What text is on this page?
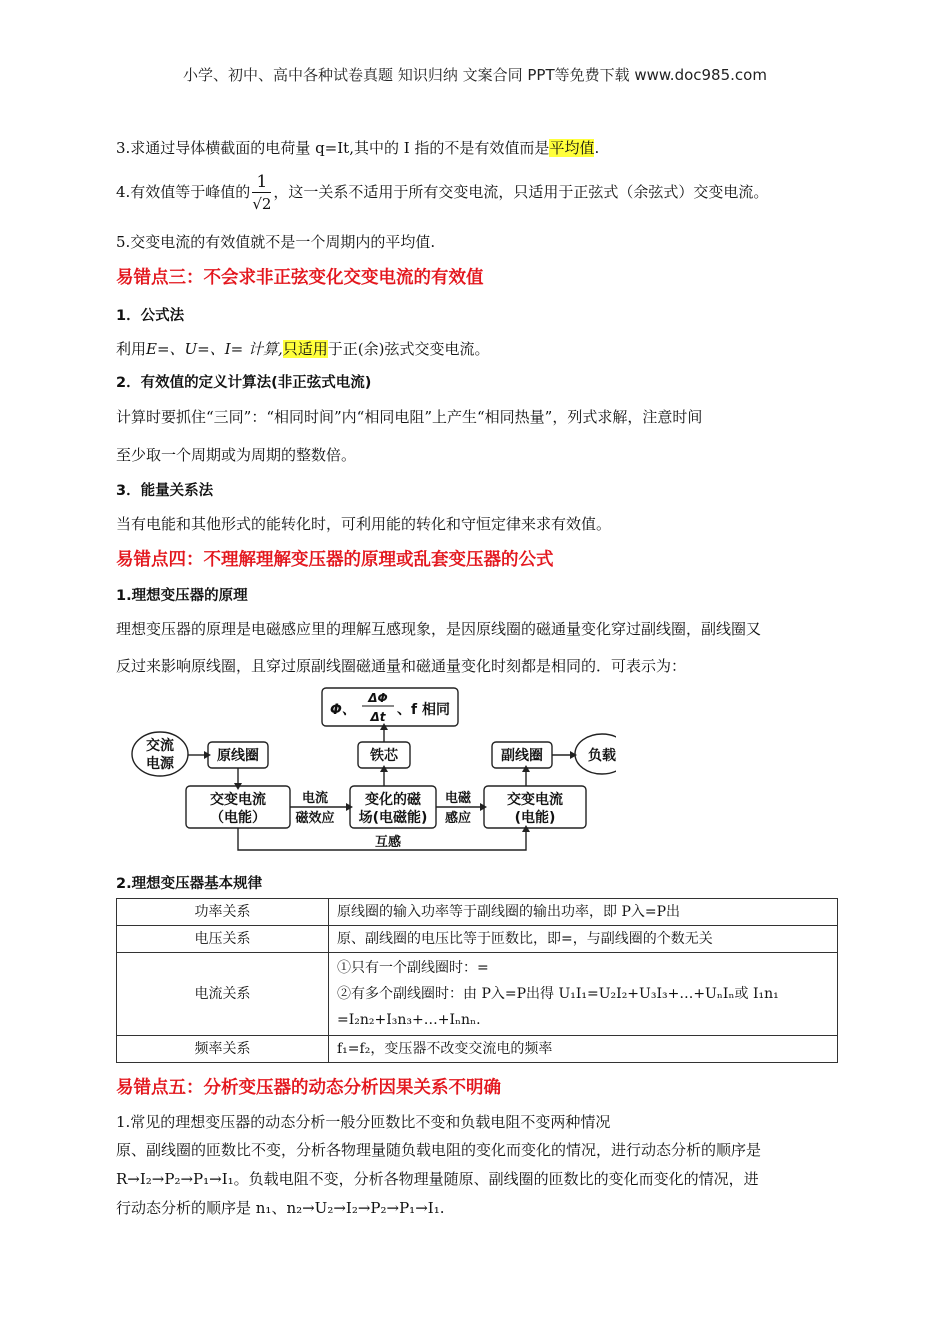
小学、初中、高中各种试卷真题 知识归纳 文案合同 PPT等免费下载 www.doc985.com
3.求通过导体横截面的电荷量 q=It,其中的 I 指的不是有效值而是平均值.
4.有效值等于峰值的 $\frac{1}{√2}$ ，这一关系不适用于所有交变电流，只适用于正弦式（余弦式）交变电流。
5.交变电流的有效值就不是一个周期内的平均值.
易错点三：不会求非正弦变化交变电流的有效值
1．公式法
利用E=、U=、I= 计算,只适用于正(余)弦式交变电流。
2．有效值的定义计算法(非正弦式电流)
计算时要抓住“三同”：“相同时间”内“相同电阻”上产生“相同热量”，列式求解，注意时间
至少取一个周期或为周期的整数倍。
3．能量关系法
当有电能和其他形式的能转化时，可利用能的转化和守恒定律来求有效值。
易错点四：不理解理解变压器的原理或乱套变压器的公式
1.理想变压器的原理
理想变压器的原理是电磁感应里的理解互感现象，是因原线圈的磁通量变化穿过副线圈，副线圈又
反过来影响原线圈，且穿过原副线圈磁通量和磁通量变化时刻都是相同的．可表示为：
Φ、
ΔΦ
Δt 、f 相同
交流
电源	原线圈	铁芯	副线圈	负载
交变电流
（电能）
变化的磁
场(电磁能)
交变电流
(电能)
电流
磁效应
电磁
感应
互感
2.理想变压器基本规律
功率关系	原线圈的输入功率等于副线圈的输出功率，即 P入=P出
电压关系	原、副线圈的电压比等于匝数比，即=，与副线圈的个数无关
电流关系	①只有一个副线圈时：=
②有多个副线圈时：由 P入=P出得 U₁I₁=U₂I₂+U₃I₃+…+UₙIₙ或 I₁n₁
=I₂n₂+I₃n₃+…+Iₙnₙ.

频率关系	f₁=f₂，变压器不改变交流电的频率
易错点五：分析变压器的动态分析因果关系不明确
1.常见的理想变压器的动态分析一般分匝数比不变和负载电阻不变两种情况
原、副线圈的匝数比不变，分析各物理量随负载电阻的变化而变化的情况，进行动态分析的顺序是
R→I₂→P₂→P₁→I₁。负载电阻不变，分析各物理量随原、副线圈的匝数比的变化而变化的情况，进
行动态分析的顺序是 n₁、n₂→U₂→I₂→P₂→P₁→I₁.
